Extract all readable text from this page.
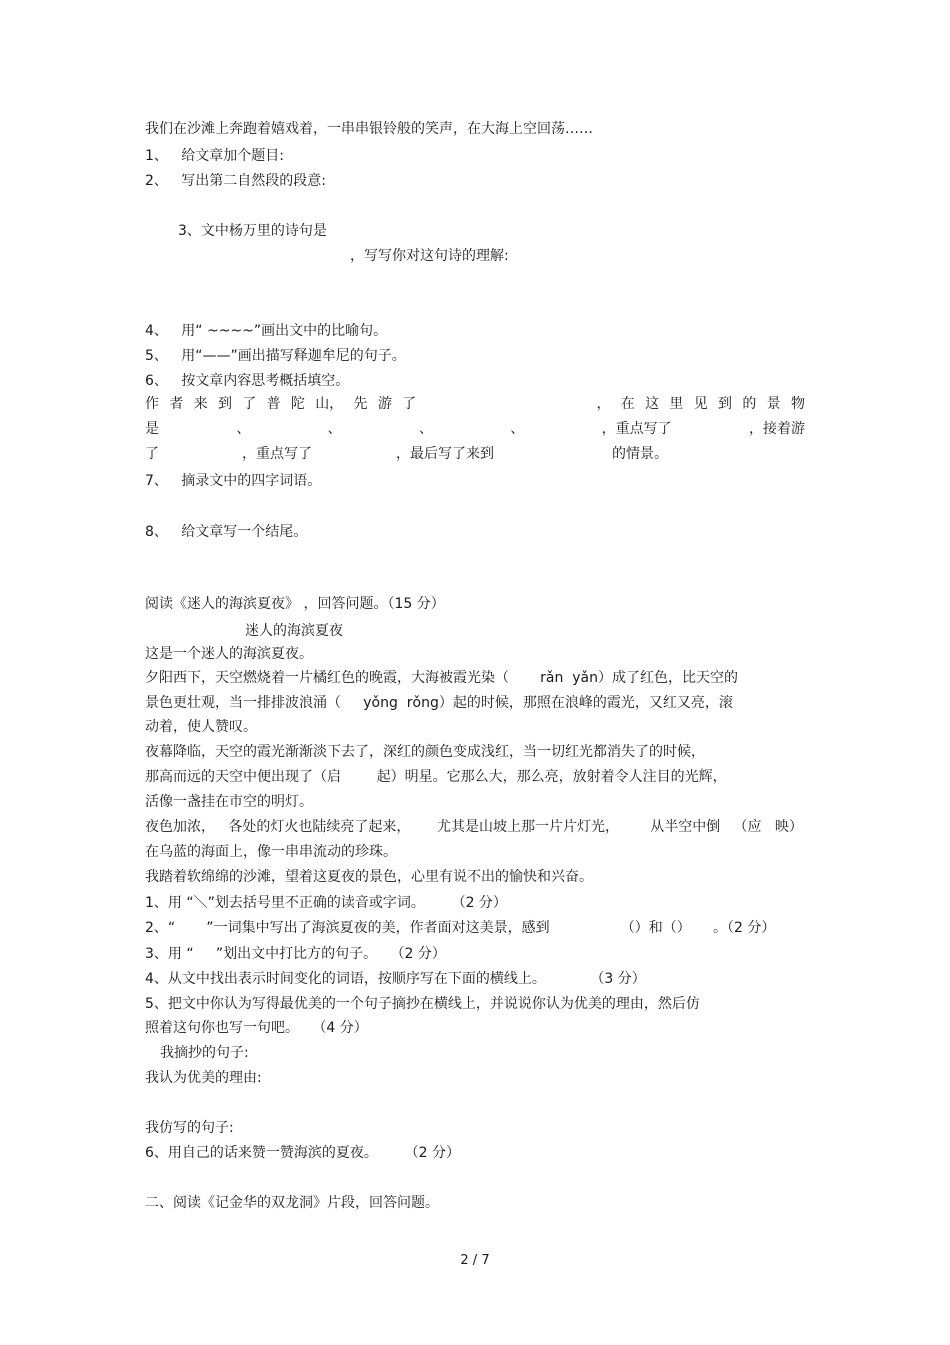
我们在沙滩上奔跑着嬉戏着，一串串银铃般的笑声，在大海上空回荡……

1、   给文章加个题目:

2、   写出第二自然段的段意:

3、文中杨万里的诗句是

，写写你对这句诗的理解:

4、   用“ ~~~~”画出文中的比喻句。

5、   用“——”画出描写释迦牟尼的句子。

6、   按文章内容思考概括填空。

作 者 来 到 了 普 陀 山， 先 游 了	， 在 这 里 见 到 的 景 物
是	、	、	、	、	，重点写了	，接着游

了	，重点写了	，最后写了来到	的情景。

7、   摘录文中的四字词语。

8、   给文章写一个结尾。

阅读《迷人的海滨夏夜》 ，回答问题。（15 分）

迷人的海滨夏夜

这是一个迷人的海滨夏夜。

夕阳西下，天空燃烧着一片橘红色的晚霞，大海被霞光染（       rǎn  yǎn）成了红色，比天空的

景色更壮观，当一排排波浪涌（     yǒng  rǒng）起的时候，那照在浪峰的霞光，又红又亮，滚

动着，使人赞叹。

夜幕降临，天空的霞光渐渐淡下去了，深红的颜色变成浅红，当一切红光都消失了的时候，

那高而远的天空中便出现了（启        起）明星。它那么大，那么亮，放射着令人注目的光辉，

活像一盏挂在市空的明灯。

夜色加浓，   各处的灯火也陆续亮了起来，      尤其是山坡上那一片片灯光，       从半空中倒   （应   映）

在乌蓝的海面上，像一串串流动的珍珠。

我踏着软绵绵的沙滩，望着这夏夜的景色，心里有说不出的愉快和兴奋。

1、用 “＼”划去括号里不正确的读音或字词。      （2 分）

2、“       ”一词集中写出了海滨夏夜的美，作者面对这美景，感到                （）和（）     。（2 分）

3、用 “     ”划出文中打比方的句子。   （2 分）

4、从文中找出表示时间变化的词语，按顺序写在下面的横线上。          （3 分）

5、把文中你认为写得最优美的一个句子摘抄在横线上，并说说你认为优美的理由，然后仿

照着这句你也写一句吧。   （4 分）

我摘抄的句子:

我认为优美的理由:

我仿写的句子:

6、用自己的话来赞一赞海滨的夏夜。      （2 分）

二、阅读《记金华的双龙洞》片段，回答问题。

2 / 7
